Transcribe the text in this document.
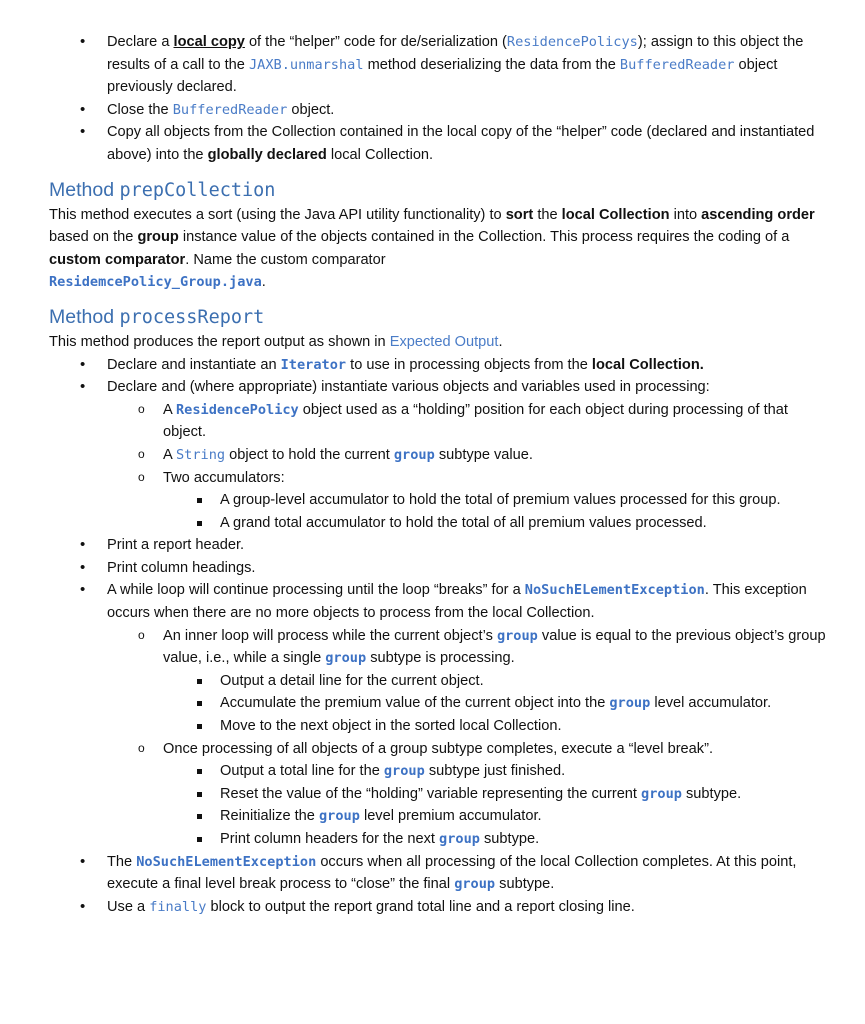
• Declare a local copy of the “helper” code for de/serialization (ResidencePolicys); assign to this object the results of a call to the JAXB.unmarshal method deserializing the data from the BufferedReader object previously declared.
• Close the BufferedReader object.
• Copy all objects from the Collection contained in the local copy of the “helper” code (declared and instantiated above) into the globally declared local Collection.
Method prepCollection

This method executes a sort (using the Java API utility functionality) to sort the local Collection into ascending order based on the group instance value of the objects contained in the Collection. This process requires the coding of a custom comparator. Name the custom comparator
ResidemcePolicy_Group.java.

Method processReport

This method produces the report output as shown in Expected Output.

• Declare and instantiate an Iterator to use in processing objects from the local Collection.
• Declare and (where appropriate) instantiate various objects and variables used in processing:
o A ResidencePolicy object used as a “holding” position for each object during processing of that object.
o A String object to hold the current group subtype value.
o Two accumulators:
A group-level accumulator to hold the total of premium values processed for this group.
A grand total accumulator to hold the total of all premium values processed.
• Print a report header.
• Print column headings.
• A while loop will continue processing until the loop “breaks” for a NoSuchELementException. This exception occurs when there are no more objects to process from the local Collection.
o An inner loop will process while the current object’s group value is equal to the previous object’s group value, i.e., while a single group subtype is processing.
Output a detail line for the current object.
Accumulate the premium value of the current object into the group level accumulator.
Move to the next object in the sorted local Collection.
o Once processing of all objects of a group subtype completes, execute a “level break”.
Output a total line for the group subtype just finished.
Reset the value of the “holding” variable representing the current group subtype.
Reinitialize the group level premium accumulator.
Print column headers for the next group subtype.
• The NoSuchELementException occurs when all processing of the local Collection completes. At this point, execute a final level break process to “close” the final group subtype.
• Use a finally block to output the report grand total line and a report closing line.
